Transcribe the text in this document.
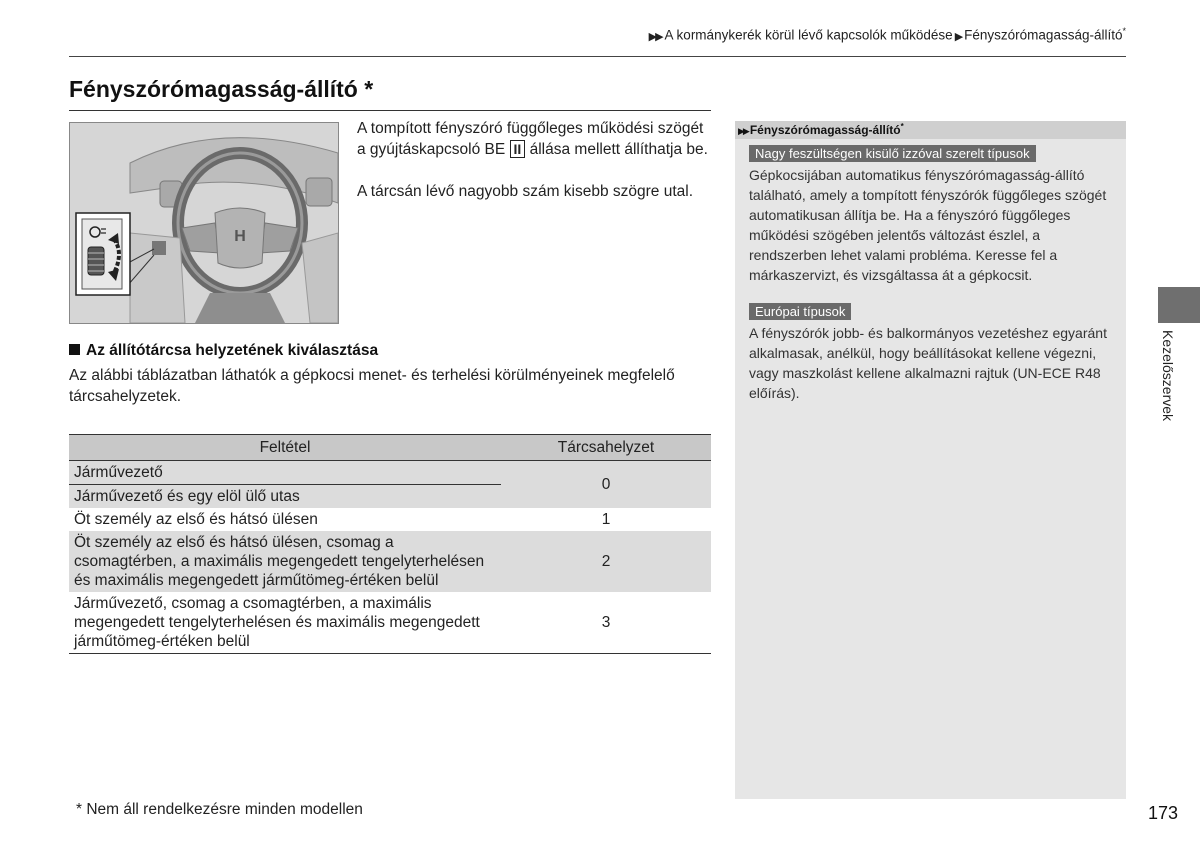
▶▶ A kormánykerék körül lévő kapcsolók működése ▶ Fényszórómagasság-állító*
Fényszórómagasság-állító *
H

A tompított fényszóró függőleges működési szögét a gyújtáskapcsoló BE II állása mellett állíthatja be.

A tárcsán lévő nagyobb szám kisebb szögre utal.

Az állítótárcsa helyzetének kiválasztása
Az alábbi táblázatban láthatók a gépkocsi menet- és terhelési körülményeinek megfelelő tárcsahelyzetek.
Feltétel	Tárcsahelyzet
Járművezető	0
Járművezető és egy elöl ülő utas	
Öt személy az első és hátsó ülésen	1
Öt személy az első és hátsó ülésen, csomag a csomagtérben, a maximális megengedett tengelyterhelésen és maximális megengedett járműtömeg-értéken belül	2
Járművezető, csomag a csomagtérben, a maximális megengedett tengelyterhelésen és maximális megengedett járműtömeg-értéken belül	3
▶▶ Fényszórómagasság-állító*
Nagy feszültségen kisülő izzóval szerelt típusok
Gépkocsijában automatikus fényszórómagasság-állító található, amely a tompított fényszórók függőleges szögét automatikusan állítja be. Ha a fényszóró függőleges működési szögében jelentős változást észlel, a rendszerben lehet valami probléma. Keresse fel a márkaszervizt, és vizsgáltassa át a gépkocsit.
Európai típusok
A fényszórók jobb- és balkormányos vezetéshez egyaránt alkalmasak, anélkül, hogy beállításokat kellene végezni, vagy maszkolást kellene alkalmazni rajtuk (UN-ECE R48 előírás).	Kezelőszervek
* Nem áll rendelkezésre minden modellen	173
